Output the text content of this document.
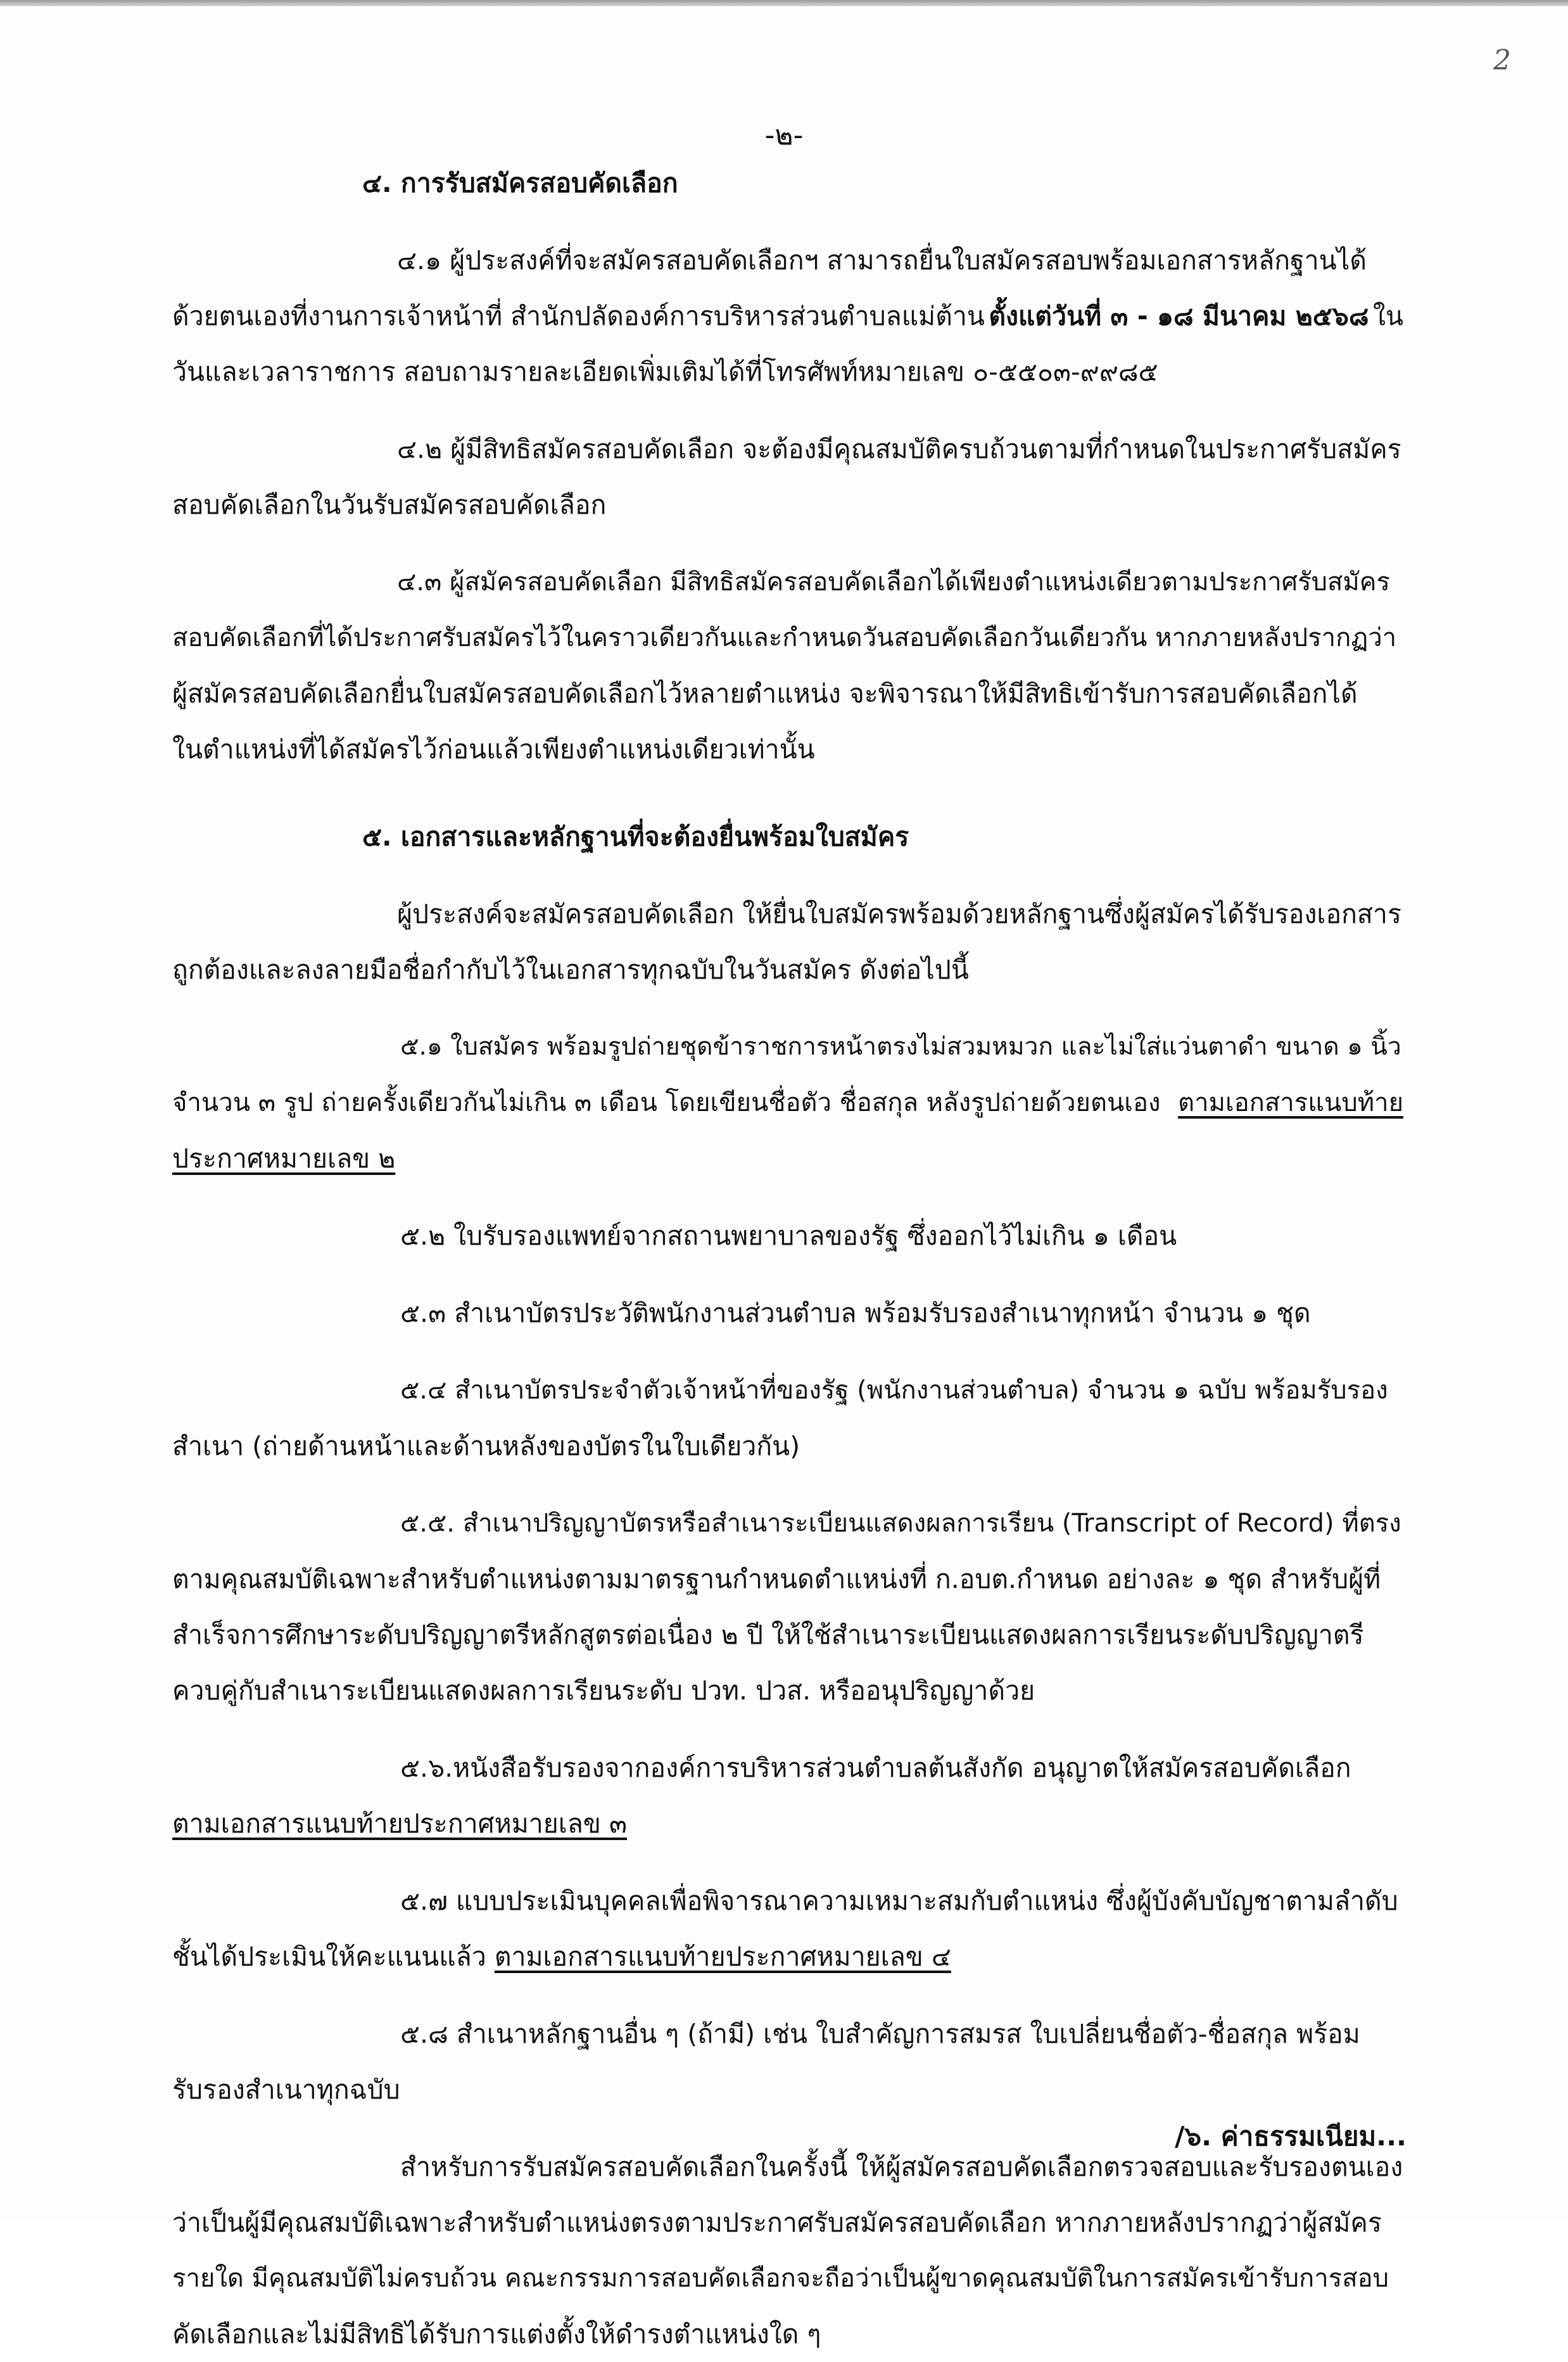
2
-๒-
๔. การรับสมัครสอบคัดเลือก
๔.๑ ผู้ประสงค์ที่จะสมัครสอบคัดเลือกฯ สามารถยื่นใบสมัครสอบพร้อมเอกสารหลักฐานได้
ด้วยตนเองที่งานการเจ้าหน้าที่ สำนักปลัดองค์การบริหารส่วนตำบลแม่ต้าน ตั้งแต่วันที่ ๓ - ๑๘ มีนาคม ๒๕๖๘ ใน
วันและเวลาราชการ สอบถามรายละเอียดเพิ่มเติมได้ที่โทรศัพท์หมายเลข ๐-๕๕๐๓-๙๙๘๕
๔.๒ ผู้มีสิทธิสมัครสอบคัดเลือก จะต้องมีคุณสมบัติครบถ้วนตามที่กำหนดในประกาศรับสมัคร
สอบคัดเลือกในวันรับสมัครสอบคัดเลือก
๔.๓ ผู้สมัครสอบคัดเลือก มีสิทธิสมัครสอบคัดเลือกได้เพียงตำแหน่งเดียวตามประกาศรับสมัคร
สอบคัดเลือกที่ได้ประกาศรับสมัครไว้ในคราวเดียวกันและกำหนดวันสอบคัดเลือกวันเดียวกัน หากภายหลังปรากฏว่า
ผู้สมัครสอบคัดเลือกยื่นใบสมัครสอบคัดเลือกไว้หลายตำแหน่ง จะพิจารณาให้มีสิทธิเข้ารับการสอบคัดเลือกได้
ในตำแหน่งที่ได้สมัครไว้ก่อนแล้วเพียงตำแหน่งเดียวเท่านั้น
๕. เอกสารและหลักฐานที่จะต้องยื่นพร้อมใบสมัคร
ผู้ประสงค์จะสมัครสอบคัดเลือก ให้ยื่นใบสมัครพร้อมด้วยหลักฐานซึ่งผู้สมัครได้รับรองเอกสาร
ถูกต้องและลงลายมือชื่อกำกับไว้ในเอกสารทุกฉบับในวันสมัคร ดังต่อไปนี้
๕.๑ ใบสมัคร พร้อมรูปถ่ายชุดข้าราชการหน้าตรงไม่สวมหมวก และไม่ใส่แว่นตาดำ ขนาด ๑ นิ้ว
จำนวน ๓ รูป ถ่ายครั้งเดียวกันไม่เกิน ๓ เดือน โดยเขียนชื่อตัว ชื่อสกุล หลังรูปถ่ายด้วยตนเอง ตามเอกสารแนบท้าย
ประกาศหมายเลข ๒
๕.๒ ใบรับรองแพทย์จากสถานพยาบาลของรัฐ ซึ่งออกไว้ไม่เกิน ๑ เดือน
๕.๓ สำเนาบัตรประวัติพนักงานส่วนตำบล พร้อมรับรองสำเนาทุกหน้า จำนวน ๑ ชุด
๕.๔ สำเนาบัตรประจำตัวเจ้าหน้าที่ของรัฐ (พนักงานส่วนตำบล) จำนวน ๑ ฉบับ พร้อมรับรอง
สำเนา (ถ่ายด้านหน้าและด้านหลังของบัตรในใบเดียวกัน)
๕.๕. สำเนาปริญญาบัตรหรือสำเนาระเบียนแสดงผลการเรียน (Transcript of Record) ที่ตรง
ตามคุณสมบัติเฉพาะสำหรับตำแหน่งตามมาตรฐานกำหนดตำแหน่งที่ ก.อบต.กำหนด อย่างละ ๑ ชุด สำหรับผู้ที่
สำเร็จการศึกษาระดับปริญญาตรีหลักสูตรต่อเนื่อง ๒ ปี ให้ใช้สำเนาระเบียนแสดงผลการเรียนระดับปริญญาตรี
ควบคู่กับสำเนาระเบียนแสดงผลการเรียนระดับ ปวท. ปวส. หรืออนุปริญญาด้วย
๕.๖.หนังสือรับรองจากองค์การบริหารส่วนตำบลต้นสังกัด อนุญาตให้สมัครสอบคัดเลือก
ตามเอกสารแนบท้ายประกาศหมายเลข ๓
๕.๗ แบบประเมินบุคคลเพื่อพิจารณาความเหมาะสมกับตำแหน่ง ซึ่งผู้บังคับบัญชาตามลำดับ
ชั้นได้ประเมินให้คะแนนแล้ว
ตามเอกสารแนบท้ายประกาศหมายเลข ๔
๕.๘ สำเนาหลักฐานอื่น ๆ (ถ้ามี) เช่น ใบสำคัญการสมรส ใบเปลี่ยนชื่อตัว-ชื่อสกุล พร้อม
รับรองสำเนาทุกฉบับ
สำหรับการรับสมัครสอบคัดเลือกในครั้งนี้ ให้ผู้สมัครสอบคัดเลือกตรวจสอบและรับรองตนเอง
ว่าเป็นผู้มีคุณสมบัติเฉพาะสำหรับตำแหน่งตรงตามประกาศรับสมัครสอบคัดเลือก หากภายหลังปรากฏว่าผู้สมัคร
รายใด มีคุณสมบัติไม่ครบถ้วน คณะกรรมการสอบคัดเลือกจะถือว่าเป็นผู้ขาดคุณสมบัติในการสมัครเข้ารับการสอบ
คัดเลือกและไม่มีสิทธิได้รับการแต่งตั้งให้ดำรงตำแหน่งใด ๆ
/๖. ค่าธรรมเนียม...
